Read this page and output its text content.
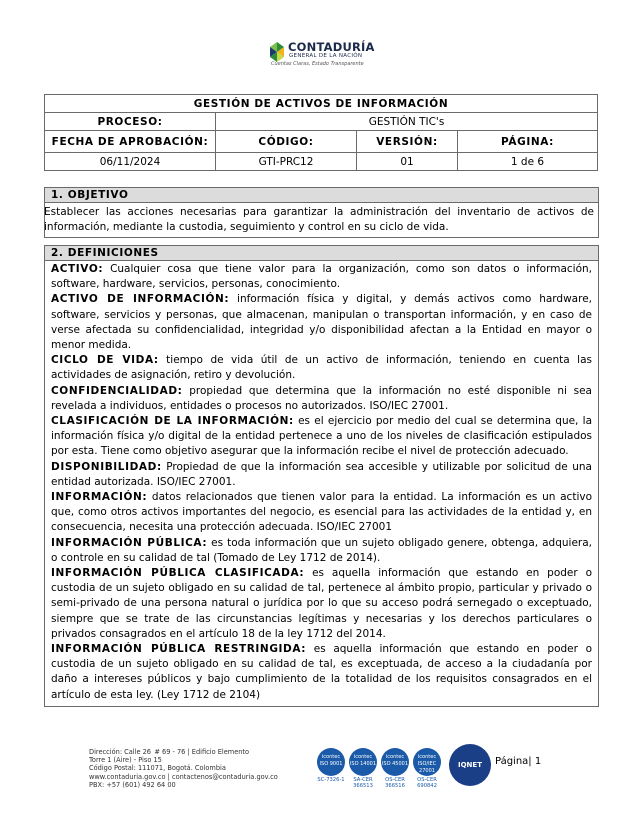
CONTADURÍA
GENERAL DE LA NACIÓN
Cuentas Claras, Estado Transparente
GESTIÓN DE ACTIVOS DE INFORMACIÓN			
PROCESO:	GESTIÓN TIC's		
FECHA DE APROBACIÓN:	CÓDIGO:	VERSIÓN:	PÁGINA:
06/11/2024	GTI-PRC12	01	1 de 6
1. OBJETIVO
Establecer las acciones necesarias para garantizar la administración del inventario de activos de información, mediante la custodia, seguimiento y control en su ciclo de vida.
2. DEFINICIONES

ACTIVO: Cualquier cosa que tiene valor para la organización, como son datos o información, software, hardware, servicios, personas, conocimiento.

ACTIVO DE INFORMACIÓN: información física y digital, y demás activos como hardware, software, servicios y personas, que almacenan, manipulan o transportan información, y en caso de verse afectada su confidencialidad, integridad y/o disponibilidad afectan a la Entidad en mayor o menor medida.

CICLO DE VIDA: tiempo de vida útil de un activo de información, teniendo en cuenta las actividades de asignación, retiro y devolución.

CONFIDENCIALIDAD: propiedad que determina que la información no esté disponible ni sea revelada a individuos, entidades o procesos no autorizados. ISO/IEC 27001.

CLASIFICACIÓN DE LA INFORMACIÓN: es el ejercicio por medio del cual se determina que, la información física y/o digital de la entidad pertenece a uno de los niveles de clasificación estipulados por esta. Tiene como objetivo asegurar que la información recibe el nivel de protección adecuado.

DISPONIBILIDAD: Propiedad de que la información sea accesible y utilizable por solicitud de una entidad autorizada. ISO/IEC 27001.

INFORMACIÓN: datos relacionados que tienen valor para la entidad. La información es un activo que, como otros activos importantes del negocio, es esencial para las actividades de la entidad y, en consecuencia, necesita una protección adecuada. ISO/IEC 27001

INFORMACIÓN PÚBLICA: es toda información que un sujeto obligado genere, obtenga, adquiera, o controle en su calidad de tal (Tomado de Ley 1712 de 2014).

INFORMACIÓN PÚBLICA CLASIFICADA: es aquella información que estando en poder o custodia de un sujeto obligado en su calidad de tal, pertenece al ámbito propio, particular y privado o semi-privado de una persona natural o jurídica por lo que su acceso podrá sernegado o exceptuado, siempre que se trate de las circunstancias legítimas y necesarias y los derechos particulares o privados consagrados en el artículo 18 de la ley 1712 del 2014.

INFORMACIÓN PÚBLICA RESTRINGIDA: es aquella información que estando en poder o custodia de un sujeto obligado en su calidad de tal, es exceptuada, de acceso a la ciudadanía por daño a intereses públicos y bajo cumplimiento de la totalidad de los requisitos consagrados en el artículo de esta ley. (Ley 1712 de 2104)

Dirección: Calle 26  # 69 - 76 | Edificio Elemento
Torre 1 (Aire) - Piso 15
Código Postal: 111071, Bogotá. Colombia
www.contaduria.gov.co | contactenos@contaduria.gov.co
PBX: +57 (601) 492 64 00
icontec ISO 9001
SC-7326-1
icontec ISO 14001
SA-CER 366513
icontec ISO 45001
OS-CER 366516
icontec ISO/IEC 27001
OS-CER 690842
IQNET	Página| 1
